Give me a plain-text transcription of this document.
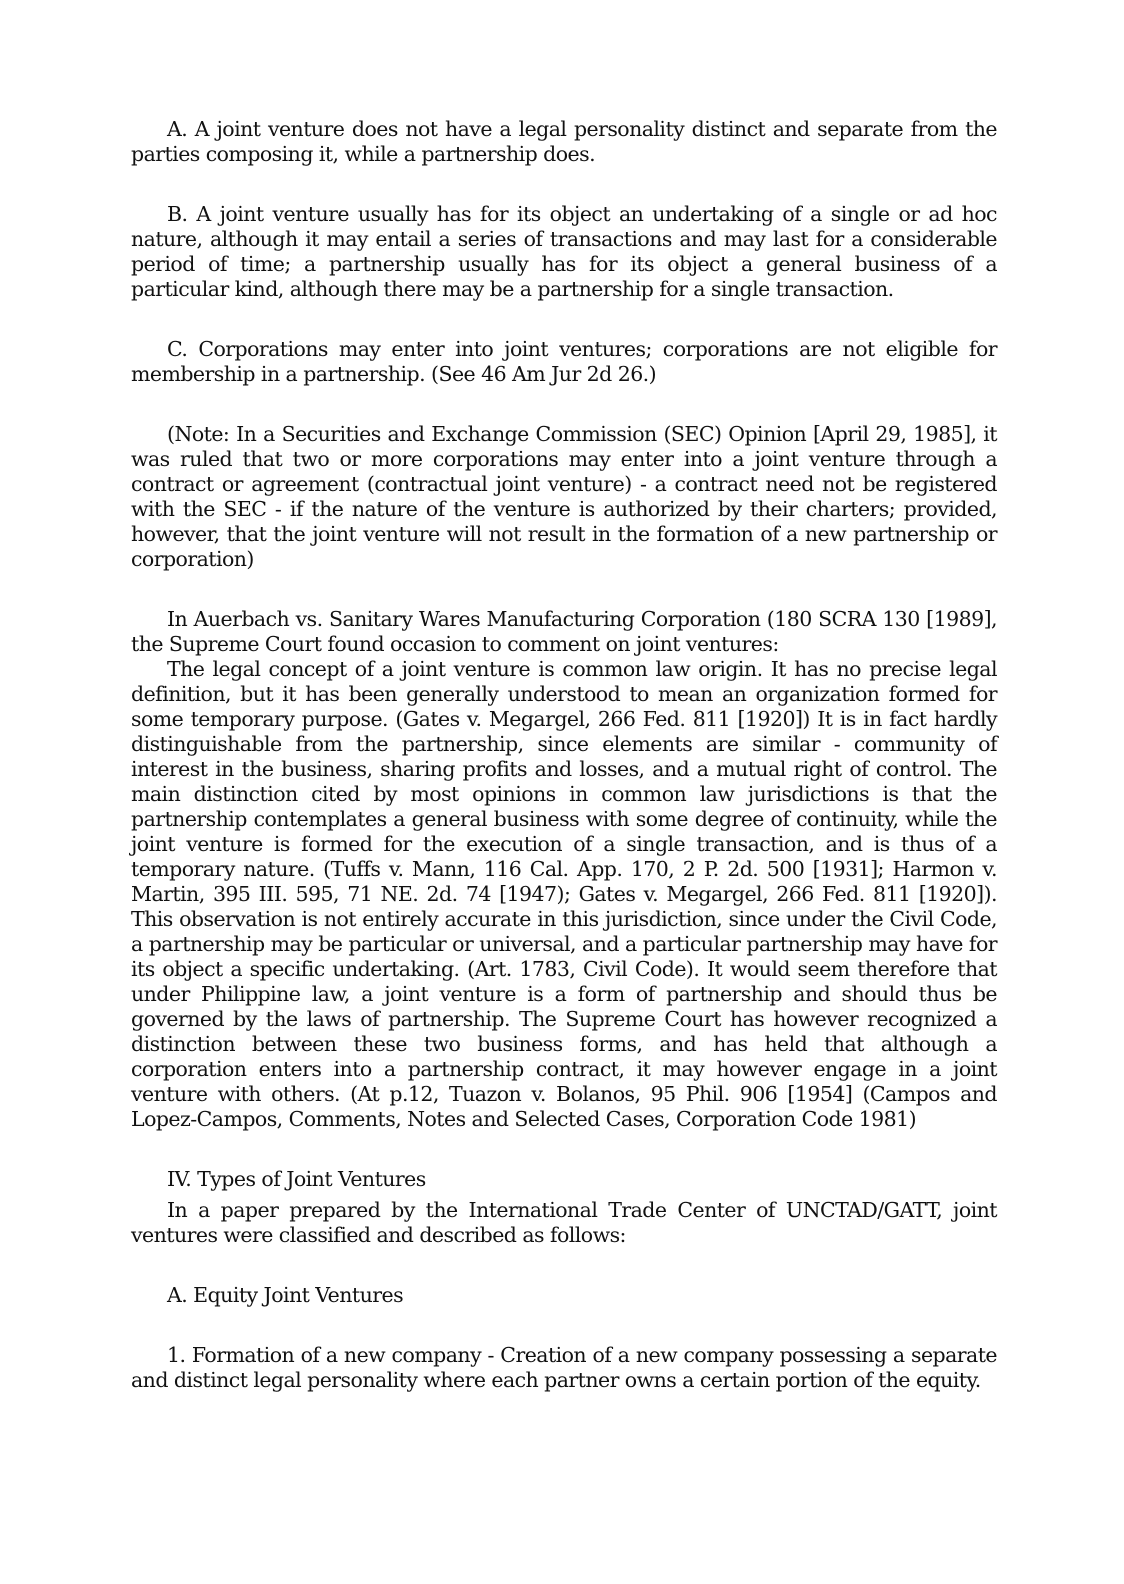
A. A joint venture does not have a legal personality distinct and separate from the parties composing it, while a partnership does.

B. A joint venture usually has for its object an undertaking of a single or ad hoc nature, although it may entail a series of transactions and may last for a considerable period of time; a partnership usually has for its object a general business of a particular kind, although there may be a partnership for a single transaction.

C. Corporations may enter into joint ventures; corporations are not eligible for membership in a partnership. (See 46 Am Jur 2d 26.)

(Note: In a Securities and Exchange Commission (SEC) Opinion [April 29, 1985], it was ruled that two or more corporations may enter into a joint venture through a contract or agreement (contractual joint venture) - a contract need not be registered with the SEC - if the nature of the venture is authorized by their charters; provided, however, that the joint venture will not result in the formation of a new partnership or corporation)

In Auerbach vs. Sanitary Wares Manufacturing Corporation (180 SCRA 130 [1989], the Supreme Court found occasion to comment on joint ventures:

The legal concept of a joint venture is common law origin. It has no precise legal definition, but it has been generally understood to mean an organization formed for some temporary purpose. (Gates v. Megargel, 266 Fed. 811 [1920]) It is in fact hardly distinguishable from the partnership, since elements are similar - community of interest in the business, sharing profits and losses, and a mutual right of control. The main distinction cited by most opinions in common law jurisdictions is that the partnership contemplates a general business with some degree of continuity, while the joint venture is formed for the execution of a single transaction, and is thus of a temporary nature. (Tuffs v. Mann, 116 Cal. App. 170, 2 P. 2d. 500 [1931]; Harmon v. Martin, 395 III. 595, 71 NE. 2d. 74 [1947); Gates v. Megargel, 266 Fed. 811 [1920]). This observation is not entirely accurate in this jurisdiction, since under the Civil Code, a partnership may be particular or universal, and a particular partnership may have for its object a specific undertaking. (Art. 1783, Civil Code). It would seem therefore that under Philippine law, a joint venture is a form of partnership and should thus be governed by the laws of partnership. The Supreme Court has however recognized a distinction between these two business forms, and has held that although a corporation enters into a partnership contract, it may however engage in a joint venture with others. (At p.12, Tuazon v. Bolanos, 95 Phil. 906 [1954] (Campos and Lopez-Campos, Comments, Notes and Selected Cases, Corporation Code 1981)

IV. Types of Joint Ventures

In a paper prepared by the International Trade Center of UNCTAD/GATT, joint ventures were classified and described as follows:

A. Equity Joint Ventures

1. Formation of a new company - Creation of a new company possessing a separate and distinct legal personality where each partner owns a certain portion of the equity.
